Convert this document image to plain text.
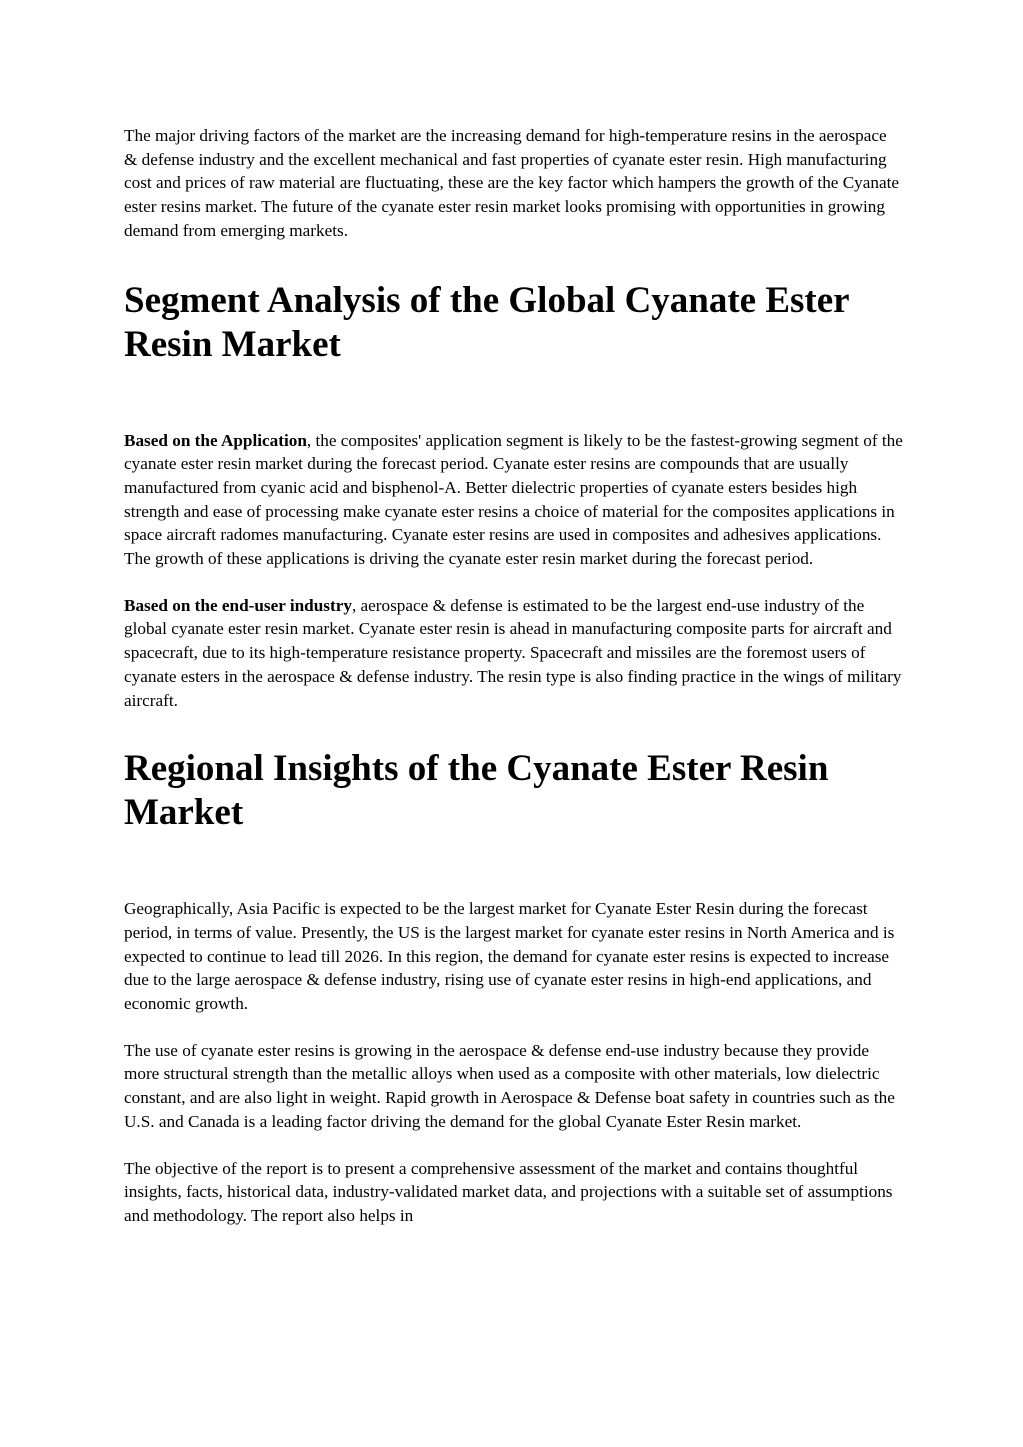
The major driving factors of the market are the increasing demand for high-temperature resins in the aerospace & defense industry and the excellent mechanical and fast properties of cyanate ester resin. High manufacturing cost and prices of raw material are fluctuating, these are the key factor which hampers the growth of the Cyanate ester resins market. The future of the cyanate ester resin market looks promising with opportunities in growing demand from emerging markets.

Segment Analysis of the Global Cyanate Ester Resin Market

Based on the Application, the composites' application segment is likely to be the fastest-growing segment of the cyanate ester resin market during the forecast period. Cyanate ester resins are compounds that are usually manufactured from cyanic acid and bisphenol-A. Better dielectric properties of cyanate esters besides high strength and ease of processing make cyanate ester resins a choice of material for the composites applications in space aircraft radomes manufacturing. Cyanate ester resins are used in composites and adhesives applications. The growth of these applications is driving the cyanate ester resin market during the forecast period.

Based on the end-user industry, aerospace & defense is estimated to be the largest end-use industry of the global cyanate ester resin market. Cyanate ester resin is ahead in manufacturing composite parts for aircraft and spacecraft, due to its high-temperature resistance property. Spacecraft and missiles are the foremost users of cyanate esters in the aerospace & defense industry. The resin type is also finding practice in the wings of military aircraft.

Regional Insights of the Cyanate Ester Resin Market

Geographically, Asia Pacific is expected to be the largest market for Cyanate Ester Resin during the forecast period, in terms of value. Presently, the US is the largest market for cyanate ester resins in North America and is expected to continue to lead till 2026. In this region, the demand for cyanate ester resins is expected to increase due to the large aerospace & defense industry, rising use of cyanate ester resins in high-end applications, and economic growth.

The use of cyanate ester resins is growing in the aerospace & defense end-use industry because they provide more structural strength than the metallic alloys when used as a composite with other materials, low dielectric constant, and are also light in weight. Rapid growth in Aerospace & Defense boat safety in countries such as the U.S. and Canada is a leading factor driving the demand for the global Cyanate Ester Resin market.

The objective of the report is to present a comprehensive assessment of the market and contains thoughtful insights, facts, historical data, industry-validated market data, and projections with a suitable set of assumptions and methodology. The report also helps in
